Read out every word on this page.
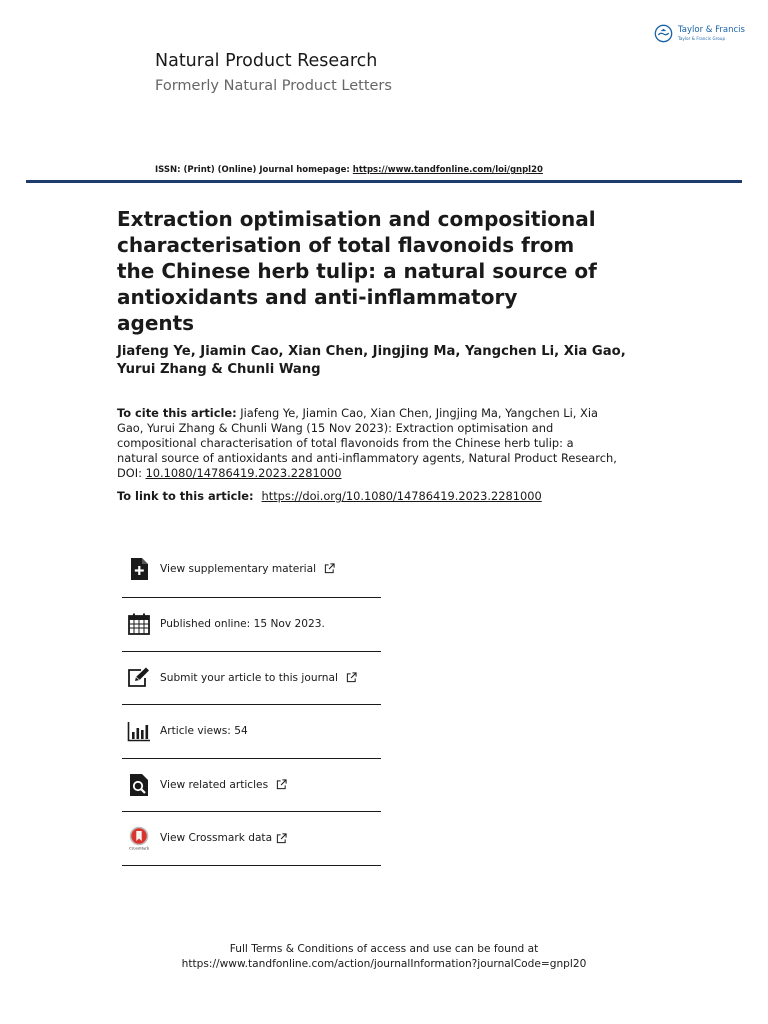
Taylor & Francis
Taylor & Francis Group
Natural Product Research
Formerly Natural Product Letters
ISSN: (Print) (Online) Journal homepage: https://www.tandfonline.com/loi/gnpl20
Extraction optimisation and compositional characterisation of total flavonoids from the Chinese herb tulip: a natural source of antioxidants and anti-inflammatory agents
Jiafeng Ye, Jiamin Cao, Xian Chen, Jingjing Ma, Yangchen Li, Xia Gao, Yurui Zhang & Chunli Wang
To cite this article: Jiafeng Ye, Jiamin Cao, Xian Chen, Jingjing Ma, Yangchen Li, Xia Gao, Yurui Zhang & Chunli Wang (15 Nov 2023): Extraction optimisation and compositional characterisation of total flavonoids from the Chinese herb tulip: a natural source of antioxidants and anti-inflammatory agents, Natural Product Research, DOI: 10.1080/14786419.2023.2281000
To link to this article: https://doi.org/10.1080/14786419.2023.2281000
View supplementary material
Published online: 15 Nov 2023.
Submit your article to this journal
Article views: 54
View related articles
CrossMark
View Crossmark data
Full Terms & Conditions of access and use can be found at
https://www.tandfonline.com/action/journalInformation?journalCode=gnpl20
